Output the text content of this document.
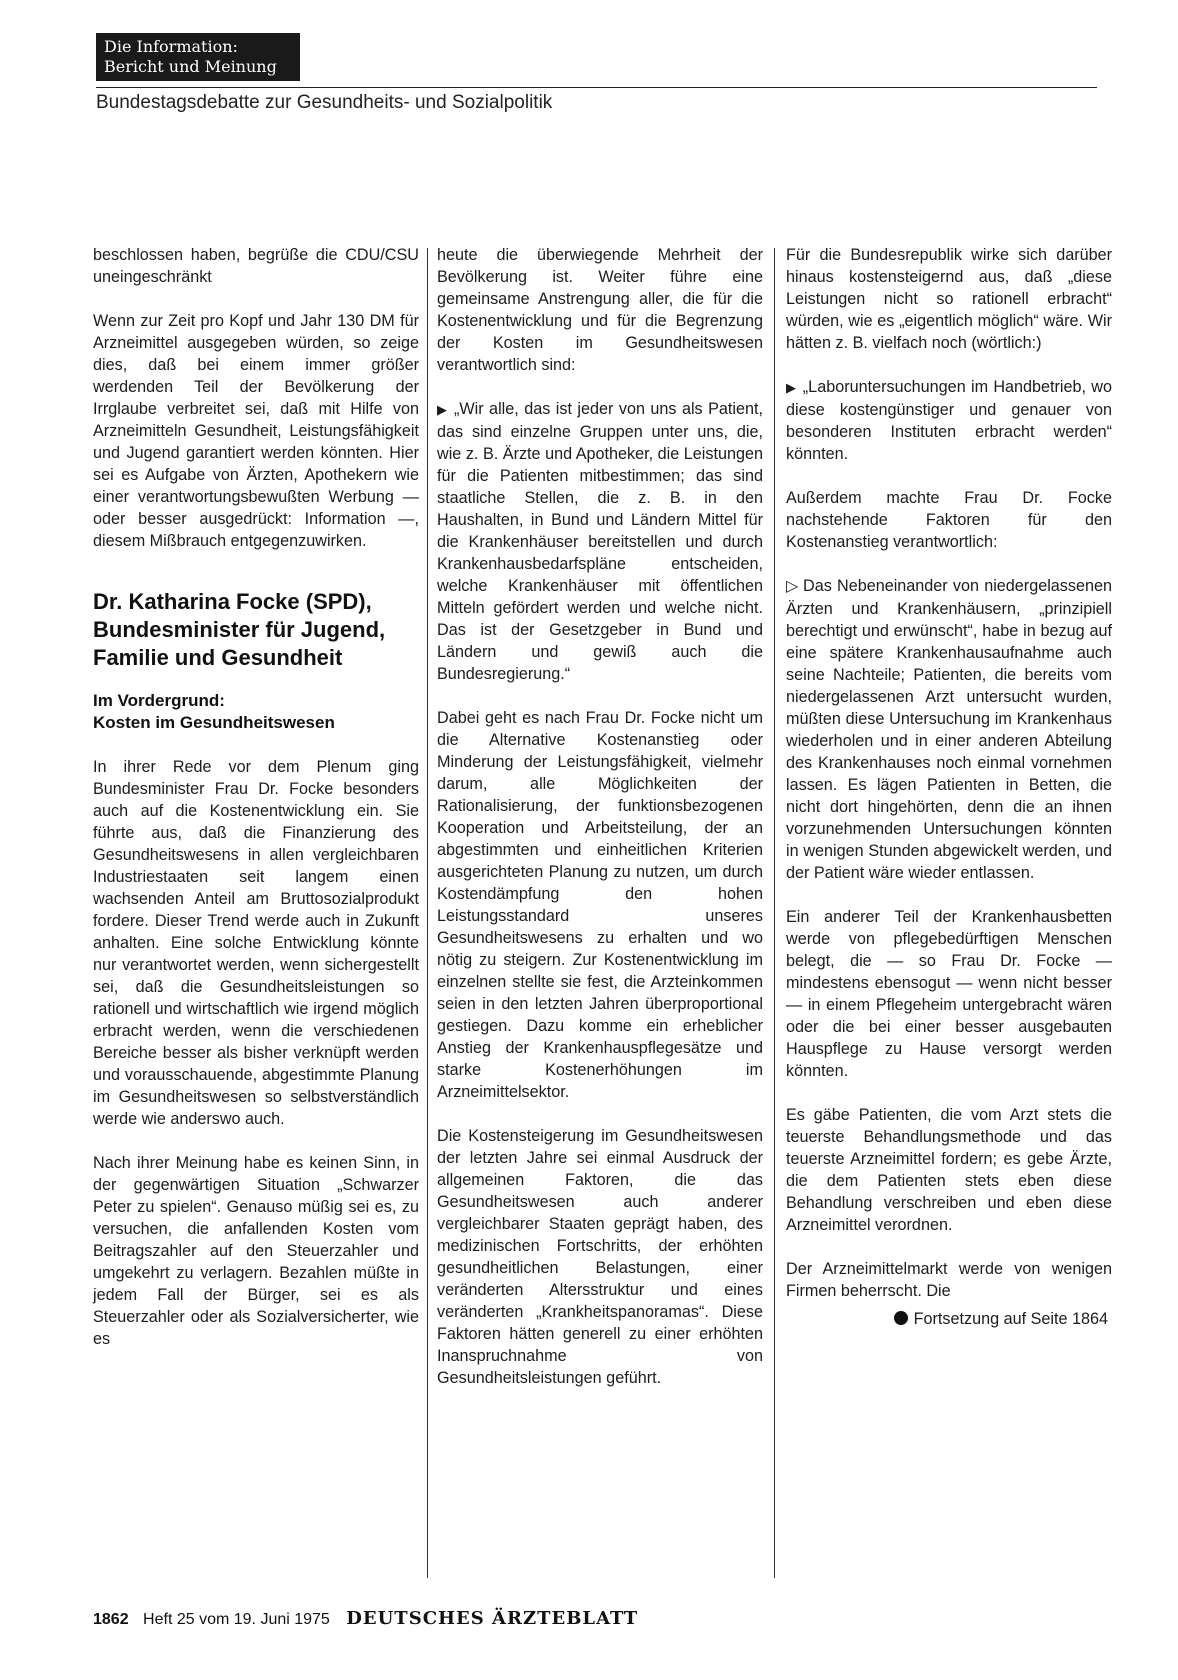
Die Information:
Bericht und Meinung
Bundestagsdebatte zur Gesundheits- und Sozialpolitik

beschlossen haben, begrüße die CDU/CSU uneingeschränkt

Wenn zur Zeit pro Kopf und Jahr 130 DM für Arzneimittel ausgegeben würden, so zeige dies, daß bei einem immer größer werdenden Teil der Bevölkerung der Irrglaube verbreitet sei, daß mit Hilfe von Arzneimitteln Gesundheit, Leistungsfähigkeit und Jugend garantiert werden könnten. Hier sei es Aufgabe von Ärzten, Apothekern wie einer verantwortungsbewußten Werbung — oder besser ausgedrückt: Information —, diesem Mißbrauch entgegenzuwirken.

Dr. Katharina Focke (SPD), Bundesminister für Jugend, Familie und Gesundheit
Im Vordergrund:
Kosten im Gesundheitswesen

In ihrer Rede vor dem Plenum ging Bundesminister Frau Dr. Focke besonders auch auf die Kostenentwicklung ein. Sie führte aus, daß die Finanzierung des Gesundheitswesens in allen vergleichbaren Industriestaaten seit langem einen wachsenden Anteil am Bruttosozialprodukt fordere. Dieser Trend werde auch in Zukunft anhalten. Eine solche Entwicklung könnte nur verantwortet werden, wenn sichergestellt sei, daß die Gesundheitsleistungen so rationell und wirtschaftlich wie irgend möglich erbracht werden, wenn die verschiedenen Bereiche besser als bisher verknüpft werden und vorausschauende, abgestimmte Planung im Gesundheitswesen so selbstverständlich werde wie anderswo auch.

Nach ihrer Meinung habe es keinen Sinn, in der gegenwärtigen Situation „Schwarzer Peter zu spielen“. Genauso müßig sei es, zu versuchen, die anfallenden Kosten vom Beitragszahler auf den Steuerzahler und umgekehrt zu verlagern. Bezahlen müßte in jedem Fall der Bürger, sei es als Steuerzahler oder als Sozialversicherter, wie es

heute die überwiegende Mehrheit der Bevölkerung ist. Weiter führe eine gemeinsame Anstrengung aller, die für die Kostenentwicklung und für die Begrenzung der Kosten im Gesundheitswesen verantwortlich sind:

▶ „Wir alle, das ist jeder von uns als Patient, das sind einzelne Gruppen unter uns, die, wie z. B. Ärzte und Apotheker, die Leistungen für die Patienten mitbestimmen; das sind staatliche Stellen, die z. B. in den Haushalten, in Bund und Ländern Mittel für die Krankenhäuser bereitstellen und durch Krankenhausbedarfspläne entscheiden, welche Krankenhäuser mit öffentlichen Mitteln gefördert werden und welche nicht. Das ist der Gesetzgeber in Bund und Ländern und gewiß auch die Bundesregierung.“

Dabei geht es nach Frau Dr. Focke nicht um die Alternative Kostenanstieg oder Minderung der Leistungsfähigkeit, vielmehr darum, alle Möglichkeiten der Rationalisierung, der funktionsbezogenen Kooperation und Arbeitsteilung, der an abgestimmten und einheitlichen Kriterien ausgerichteten Planung zu nutzen, um durch Kostendämpfung den hohen Leistungsstandard unseres Gesundheitswesens zu erhalten und wo nötig zu steigern. Zur Kostenentwicklung im einzelnen stellte sie fest, die Arzteinkommen seien in den letzten Jahren überproportional gestiegen. Dazu komme ein erheblicher Anstieg der Krankenhauspflegesätze und starke Kostenerhöhungen im Arzneimittelsektor.

Die Kostensteigerung im Gesundheitswesen der letzten Jahre sei einmal Ausdruck der allgemeinen Faktoren, die das Gesundheitswesen auch anderer vergleichbarer Staaten geprägt haben, des medizinischen Fortschritts, der erhöhten gesundheitlichen Belastungen, einer veränderten Altersstruktur und eines veränderten „Krankheitspanoramas“. Diese Faktoren hätten generell zu einer erhöhten Inanspruchnahme von Gesundheitsleistungen geführt.

Für die Bundesrepublik wirke sich darüber hinaus kostensteigernd aus, daß „diese Leistungen nicht so rationell erbracht“ würden, wie es „eigentlich möglich“ wäre. Wir hätten z. B. vielfach noch (wörtlich:)

▶ „Laboruntersuchungen im Handbetrieb, wo diese kostengünstiger und genauer von besonderen Instituten erbracht werden“ könnten.

Außerdem machte Frau Dr. Focke nachstehende Faktoren für den Kostenanstieg verantwortlich:

▷ Das Nebeneinander von niedergelassenen Ärzten und Krankenhäusern, „prinzipiell berechtigt und erwünscht“, habe in bezug auf eine spätere Krankenhausaufnahme auch seine Nachteile; Patienten, die bereits vom niedergelassenen Arzt untersucht wurden, müßten diese Untersuchung im Krankenhaus wiederholen und in einer anderen Abteilung des Krankenhauses noch einmal vornehmen lassen. Es lägen Patienten in Betten, die nicht dort hingehörten, denn die an ihnen vorzunehmenden Untersuchungen könnten in wenigen Stunden abgewickelt werden, und der Patient wäre wieder entlassen.

Ein anderer Teil der Krankenhausbetten werde von pflegebedürftigen Menschen belegt, die — so Frau Dr. Focke — mindestens ebensogut — wenn nicht besser — in einem Pflegeheim untergebracht wären oder die bei einer besser ausgebauten Hauspflege zu Hause versorgt werden könnten.

Es gäbe Patienten, die vom Arzt stets die teuerste Behandlungsmethode und das teuerste Arzneimittel fordern; es gebe Ärzte, die dem Patienten stets eben diese Behandlung verschreiben und eben diese Arzneimittel verordnen.

Der Arzneimittelmarkt werde von wenigen Firmen beherrscht. Die

Fortsetzung auf Seite 1864
1862 Heft 25 vom 19. Juni 1975 DEUTSCHES ÄRZTEBLATT
